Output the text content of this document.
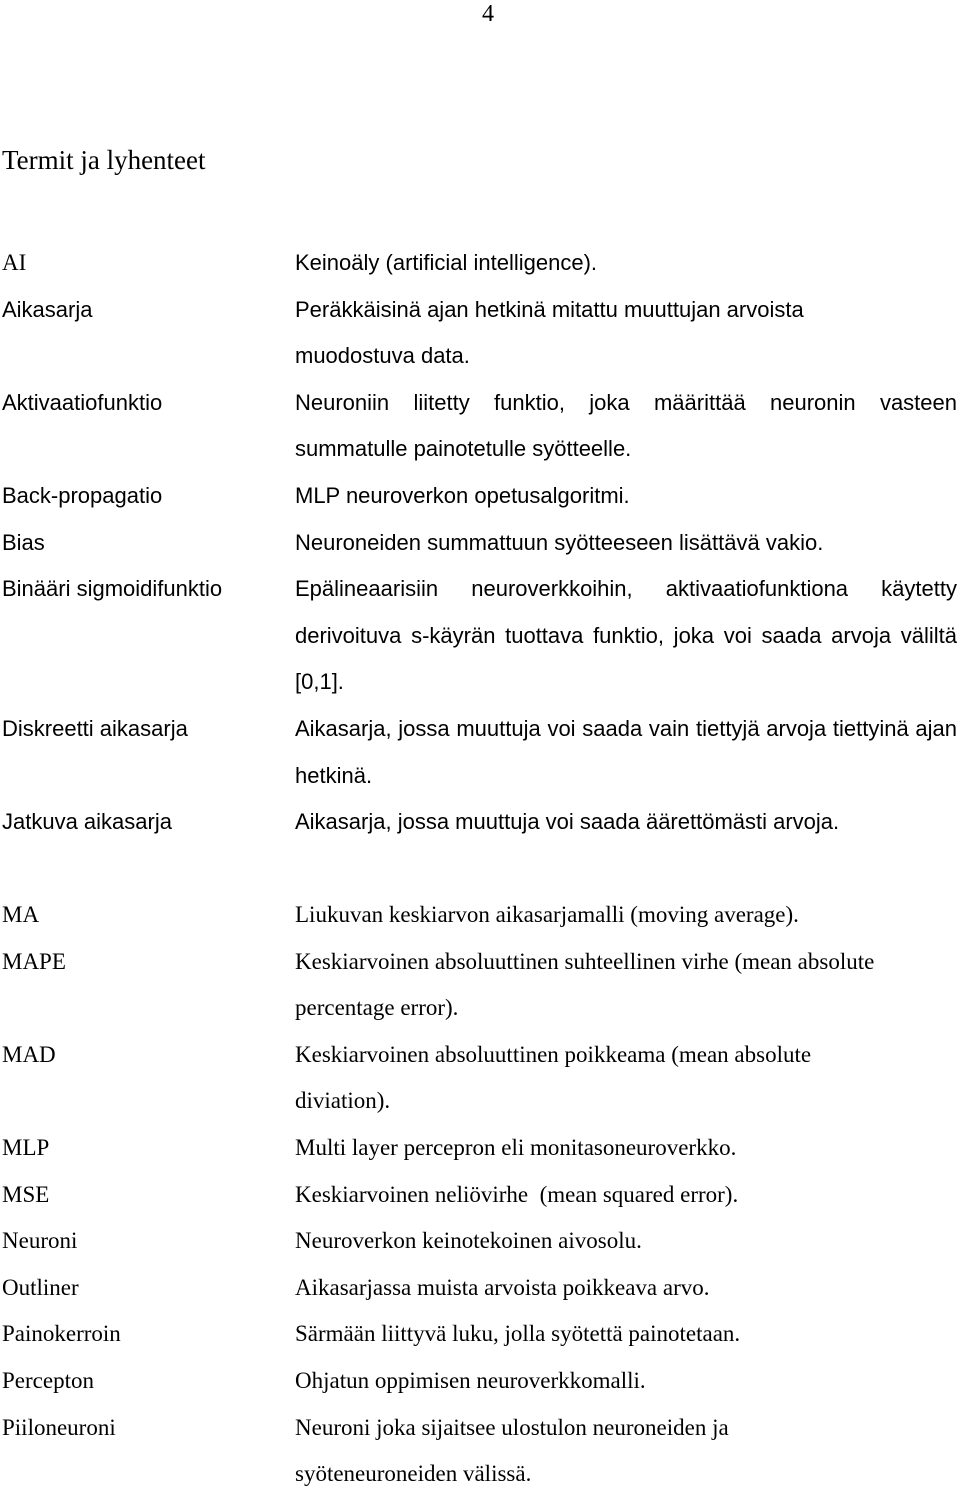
4
Termit ja lyhenteet
AI	Keinoäly (artificial intelligence).
Aikasarja	Peräkkäisinä ajan hetkinä mitattu muuttujan arvoista muodostuva data.
Aktivaatiofunktio	Neuroniin liitetty funktio, joka määrittää neuronin vasteen summatulle painotetulle syötteelle.
Back-propagatio	MLP neuroverkon opetusalgoritmi.
Bias	Neuroneiden summattuun syötteeseen lisättävä vakio.
Binääri sigmoidifunktio	Epälineaarisiin neuroverkkoihin, aktivaatiofunktiona käytetty derivoituva s-käyrän tuottava funktio, joka voi saada arvoja väliltä [0,1].
Diskreetti aikasarja	Aikasarja, jossa muuttuja voi saada vain tiettyjä arvoja tiettyinä ajan hetkinä.
Jatkuva aikasarja	Aikasarja, jossa muuttuja voi saada äärettömästi arvoja.
MA	Liukuvan keskiarvon aikasarjamalli (moving average).
MAPE	Keskiarvoinen absoluuttinen suhteellinen virhe (mean absolute percentage error).
MAD	Keskiarvoinen absoluuttinen poikkeama (mean absolute diviation).
MLP	Multi layer percepron eli monitasoneuroverkko.
MSE	Keskiarvoinen neliövirhe  (mean squared error).
Neuroni	Neuroverkon keinotekoinen aivosolu.
Outliner	Aikasarjassa muista arvoista poikkeava arvo.
Painokerroin	Särmään liittyvä luku, jolla syötettä painotetaan.
Percepton	Ohjatun oppimisen neuroverkkomalli.
Piiloneuroni	Neuroni joka sijaitsee ulostulon neuroneiden ja syöteneuroneiden välissä.
